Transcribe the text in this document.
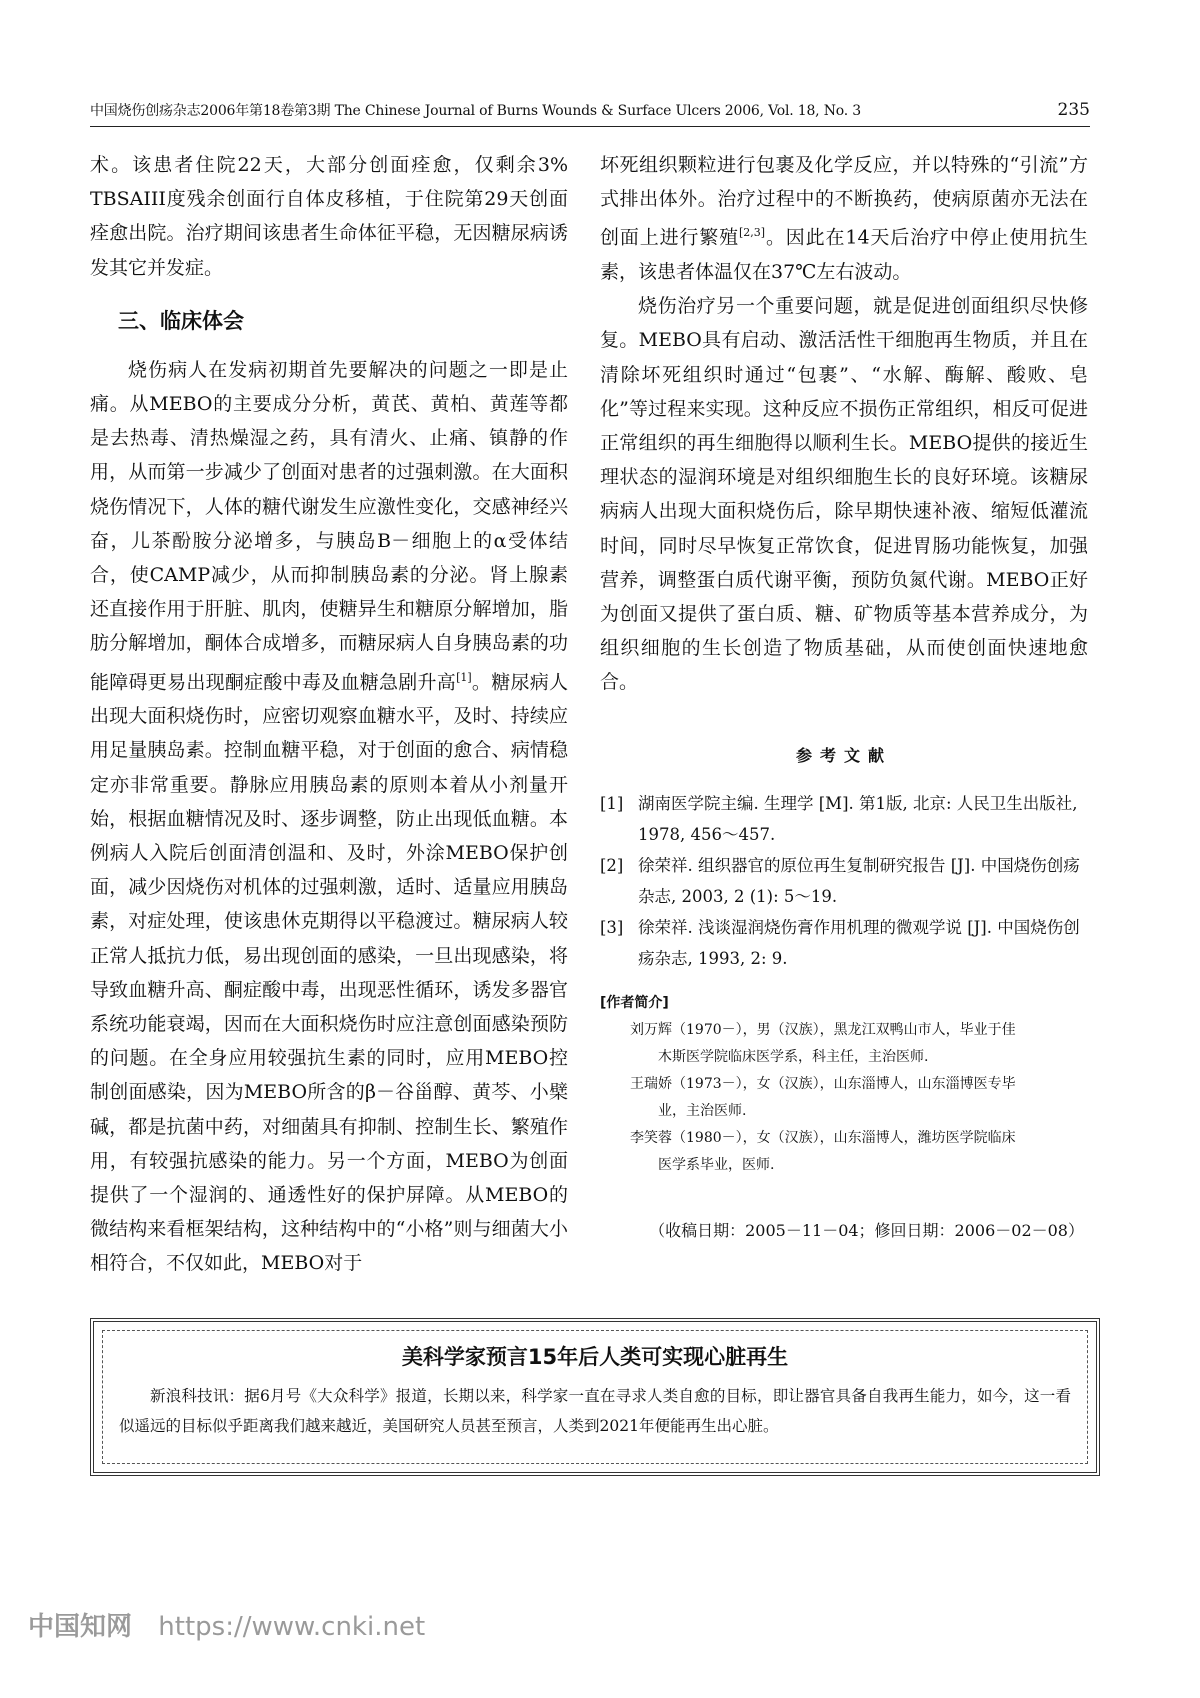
中国烧伤创疡杂志2006年第18卷第3期 The Chinese Journal of Burns Wounds & Surface Ulcers 2006, Vol. 18, No. 3	235

术。该患者住院22天，大部分创面痊愈，仅剩余3% TBSAIII度残余创面行自体皮移植，于住院第29天创面痊愈出院。治疗期间该患者生命体征平稳，无因糖尿病诱发其它并发症。

三、临床体会

烧伤病人在发病初期首先要解决的问题之一即是止痛。从MEBO的主要成分分析，黄芪、黄柏、黄莲等都是去热毒、清热燥湿之药，具有清火、止痛、镇静的作用，从而第一步减少了创面对患者的过强刺激。在大面积烧伤情况下，人体的糖代谢发生应激性变化，交感神经兴奋，儿茶酚胺分泌增多，与胰岛B－细胞上的α受体结合，使CAMP减少，从而抑制胰岛素的分泌。肾上腺素还直接作用于肝脏、肌肉，使糖异生和糖原分解增加，脂肪分解增加，酮体合成增多，而糖尿病人自身胰岛素的功能障碍更易出现酮症酸中毒及血糖急剧升高[1]。糖尿病人出现大面积烧伤时，应密切观察血糖水平，及时、持续应用足量胰岛素。控制血糖平稳，对于创面的愈合、病情稳定亦非常重要。静脉应用胰岛素的原则本着从小剂量开始，根据血糖情况及时、逐步调整，防止出现低血糖。本例病人入院后创面清创温和、及时，外涂MEBO保护创面，减少因烧伤对机体的过强刺激，适时、适量应用胰岛素，对症处理，使该患休克期得以平稳渡过。糖尿病人较正常人抵抗力低，易出现创面的感染，一旦出现感染，将导致血糖升高、酮症酸中毒，出现恶性循环，诱发多器官系统功能衰竭，因而在大面积烧伤时应注意创面感染预防的问题。在全身应用较强抗生素的同时，应用MEBO控制创面感染，因为MEBO所含的β－谷甾醇、黄芩、小檗碱，都是抗菌中药，对细菌具有抑制、控制生长、繁殖作用，有较强抗感染的能力。另一个方面，MEBO为创面提供了一个湿润的、通透性好的保护屏障。从MEBO的微结构来看框架结构，这种结构中的“小格”则与细菌大小相符合，不仅如此，MEBO对于

坏死组织颗粒进行包裹及化学反应，并以特殊的“引流”方式排出体外。治疗过程中的不断换药，使病原菌亦无法在创面上进行繁殖[2,3]。因此在14天后治疗中停止使用抗生素，该患者体温仅在37℃左右波动。

烧伤治疗另一个重要问题，就是促进创面组织尽快修复。MEBO具有启动、激活活性干细胞再生物质，并且在清除坏死组织时通过“包裹”、“水解、酶解、酸败、皂化”等过程来实现。这种反应不损伤正常组织，相反可促进正常组织的再生细胞得以顺利生长。MEBO提供的接近生理状态的湿润环境是对组织细胞生长的良好环境。该糖尿病病人出现大面积烧伤后，除早期快速补液、缩短低灌流时间，同时尽早恢复正常饮食，促进胃肠功能恢复，加强营养，调整蛋白质代谢平衡，预防负氮代谢。MEBO正好为创面又提供了蛋白质、糖、矿物质等基本营养成分，为组织细胞的生长创造了物质基础，从而使创面快速地愈合。

参考文献
[1] 湖南医学院主编. 生理学 [M]. 第1版, 北京: 人民卫生出版社, 1978, 456～457.
[2] 徐荣祥. 组织器官的原位再生复制研究报告 [J]. 中国烧伤创疡杂志, 2003, 2 (1): 5～19.
[3] 徐荣祥. 浅谈湿润烧伤膏作用机理的微观学说 [J]. 中国烧伤创疡杂志, 1993, 2: 9.
[作者简介]
刘万辉（1970－），男（汉族），黑龙江双鸭山市人，毕业于佳
木斯医学院临床医学系，科主任，主治医师.
王瑞娇（1973－），女（汉族），山东淄博人，山东淄博医专毕
业，主治医师.
李笑蓉（1980－），女（汉族），山东淄博人，潍坊医学院临床
医学系毕业，医师.
（收稿日期：2005－11－04；修回日期：2006－02－08）
美科学家预言15年后人类可实现心脏再生
新浪科技讯：据6月号《大众科学》报道，长期以来，科学家一直在寻求人类自愈的目标，即让器官具备自我再生能力，如今，这一看似遥远的目标似乎距离我们越来越近，美国研究人员甚至预言，人类到2021年便能再生出心脏。
中国知网 https://www.cnki.net
